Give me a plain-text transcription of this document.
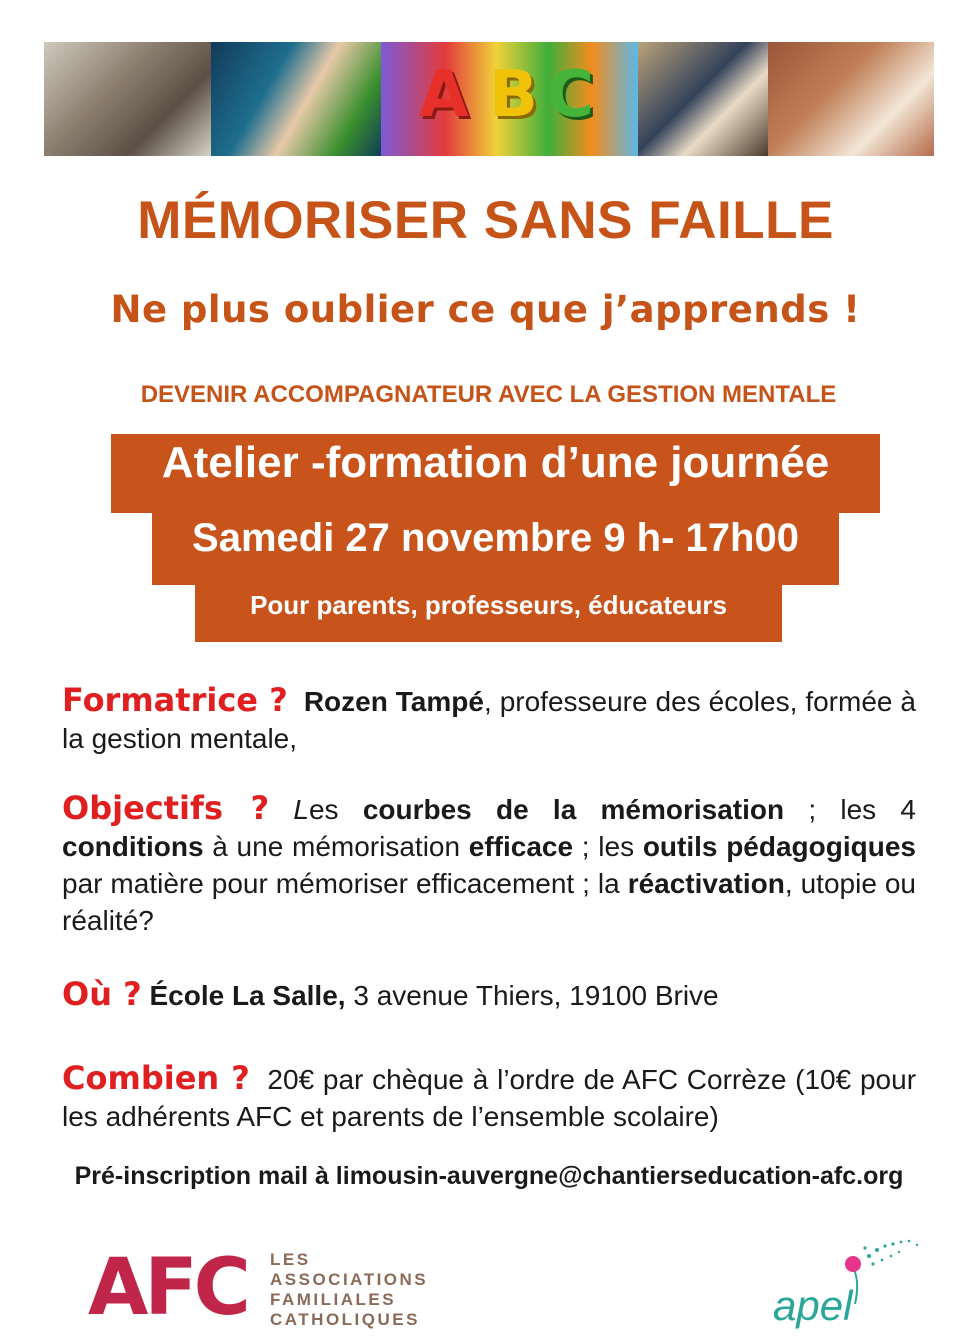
A B C
MÉMORISER SANS FAILLE
Ne plus oublier ce que j’apprends !
DEVENIR ACCOMPAGNATEUR AVEC LA GESTION MENTALE
Atelier -formation d’une journée
Samedi 27 novembre 9 h- 17h00
Pour parents, professeurs, éducateurs
Formatrice ? Rozen Tampé, professeure des écoles, formée à la gestion mentale,
Objectifs ? Les courbes de la mémorisation ; les 4 conditions à une mémorisation efficace ; les outils pédagogiques par matière pour mémoriser efficacement ; la réactivation, utopie ou réalité?
Où ? École La Salle, 3 avenue Thiers, 19100 Brive
Combien ? 20€ par chèque à l’ordre de AFC Corrèze (10€ pour les adhérents AFC et parents de l’ensemble scolaire)
Pré-inscription mail à limousin-auvergne@chantierseducation-afc.org
AFC LES
ASSOCIATIONS
FAMILIALES
CATHOLIQUES	apel
